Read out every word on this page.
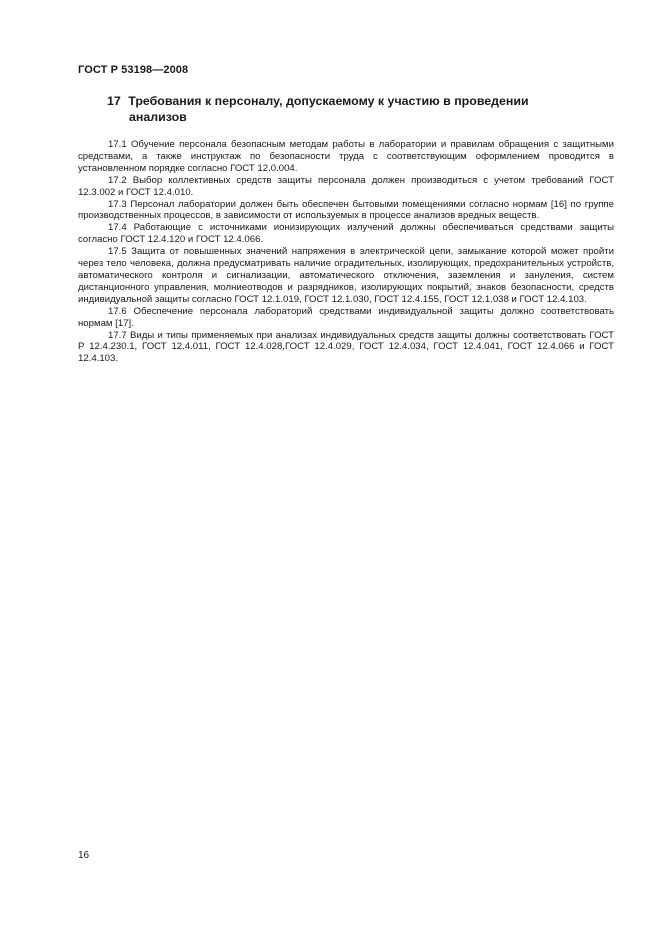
ГОСТ Р 53198—2008
17 Требования к персоналу, допускаемому к участию в проведении
анализов

17.1 Обучение персонала безопасным методам работы в лаборатории и правилам обращения с защитными средствами, а также инструктаж по безопасности труда с соответствующим оформлением проводится в установленном порядке согласно ГОСТ 12.0.004.

17.2 Выбор коллективных средств защиты персонала должен производиться с учетом требований ГОСТ 12.3.002 и ГОСТ 12.4.010.

17.3 Персонал лаборатории должен быть обеспечен бытовыми помещениями согласно нормам [16] по группе производственных процессов, в зависимости от используемых в процессе анализов вредных веществ.

17.4 Работающие с источниками ионизирующих излучений должны обеспечиваться средствами защиты согласно ГОСТ 12.4.120 и ГОСТ 12.4.066.

17.5 Защита от повышенных значений напряжения в электрической цепи, замыкание которой может пройти через тело человека, должна предусматривать наличие оградительных, изолирующих, предохранительных устройств, автоматического контроля и сигнализации, автоматического отключения, заземления и зануления, систем дистанционного управления, молниеотводов и разрядников, изолирующих покрытий, знаков безопасности, средств индивидуальной защиты согласно ГОСТ 12.1.019, ГОСТ 12.1.030, ГОСТ 12.4.155, ГОСТ 12.1.038 и ГОСТ 12.4.103.

17.6 Обеспечение персонала лабораторий средствами индивидуальной защиты должно соответствовать нормам [17].

17.7 Виды и типы применяемых при анализах индивидуальных средств защиты должны соответствовать ГОСТ Р 12.4.230.1, ГОСТ 12.4.011, ГОСТ 12.4.028,ГОСТ 12.4.029, ГОСТ 12.4.034, ГОСТ 12.4.041, ГОСТ 12.4.066 и ГОСТ 12.4.103.

16
